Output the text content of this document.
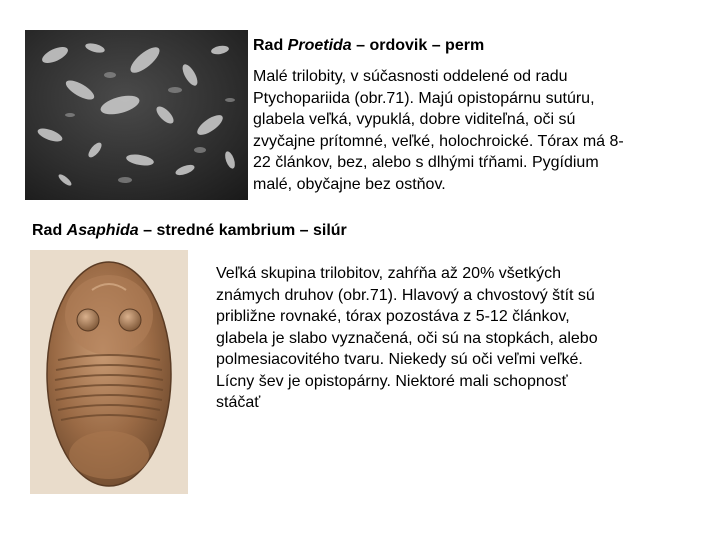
Rad Proetida – ordovik – perm

Malé trilobity, v súčasnosti oddelené od radu
Ptychopariida (obr.71). Majú opistopárnu sutúru,
glabela veľká, vypuklá, dobre viditeľná, oči sú
zvyčajne prítomné, veľké, holochroické. Tórax má 8-
22 článkov, bez, alebo s dlhými tŕňami. Pygídium
malé, obyčajne bez ostňov.

Rad Asaphida – stredné kambrium – silúr

Veľká skupina trilobitov, zahŕňa až 20% všetkých
známych druhov (obr.71). Hlavový a chvostový štít sú
približne rovnaké, tórax pozostáva z 5-12 článkov,
glabela je slabo vyznačená, oči sú na stopkách, alebo
polmesiacovitého tvaru. Niekedy sú oči veľmi veľké.
Lícny šev je opistopárny. Niektoré mali schopnosť
stáčať
